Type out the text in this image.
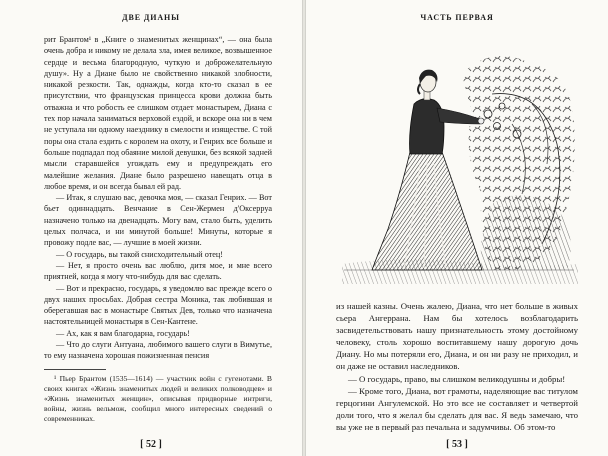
ДВЕ ДИАНЫ

рит Брантом¹ в „Книге о знаменитых женщинах“, — она была очень добра и никому не делала зла, имея великое, возвышенное сердце и весьма благородную, чуткую и доброжелательную душу». Ну а Диане было не свойственно никакой злобности, никакой резкости. Так, однажды, когда кто-то сказал в ее присутствии, что французская принцесса крови должна быть отважна и что робость ее слишком отдает монастырем, Диана с тех пор начала заниматься верховой ездой, и вскоре она ни в чем не уступала ни одному наезднику в смелости и изяществе. С той поры она стала ездить с королем на охоту, и Генрих все больше и больше подпадал под обаяние милой девушки, без всякой задней мысли старавшейся угождать ему и предупреждать его малейшие желания. Диане было разрешено навещать отца в любое время, и он всегда бывал ей рад.

— Итак, я слушаю вас, девочка моя, — сказал Генрих. — Вот бьет одиннадцать. Венчание в Сен-Жермен д'Оксерруа назначено только на двенадцать. Могу вам, стало быть, уделить целых полчаса, и ни минутой больше! Минуты, которые я провожу подле вас, — лучшие в моей жизни.

— О государь, вы такой снисходительный отец!

— Нет, я просто очень вас люблю, дитя мое, и мне всего приятней, когда я могу что-нибудь для вас сделать.

— Вот и прекрасно, государь, я уведомлю вас прежде всего о двух наших просьбах. Добрая сестра Моника, так любившая и оберегавшая вас в монастыре Святых Дев, только что назначена настоятельницей монастыря в Сен-Кантене.

— Ах, как я вам благодарна, государь!

— Что до слуги Антуана, любимого вашего слуги в Вимутье, то ему назначена хорошая пожизненная пенсия

¹ Пьер Брантом (1535—1614) — участник войн с гугенотами. В своих книгах «Жизнь знаменитых людей и великих полководцев» и «Жизнь знаменитых женщин», описывая придворные интриги, войны, жизнь вельмож, сообщил много интересных сведений о современниках.

[ 52 ]
ЧАСТЬ ПЕРВАЯ

из нашей казны. Очень жалею, Диана, что нет больше в живых сьера Ангеррана. Нам бы хотелось возблагодарить засвидетельствовать нашу признательность этому достойному человеку, столь хорошо воспитавшему нашу дорогую дочь Диану. Но мы потеряли его, Диана, и он ни разу не приходил, и он даже не оставил наследников.

— О государь, право, вы слишком великодушны и добры!

— Кроме того, Диана, вот грамоты, наделяющие вас титулом герцогини Ангулемской. Но это все не составляет и четвертой доли того, что я желал бы сделать для вас. Я ведь замечаю, что вы уже не в первый раз печальна и задумчивы. Об этом-то

[ 53 ]
